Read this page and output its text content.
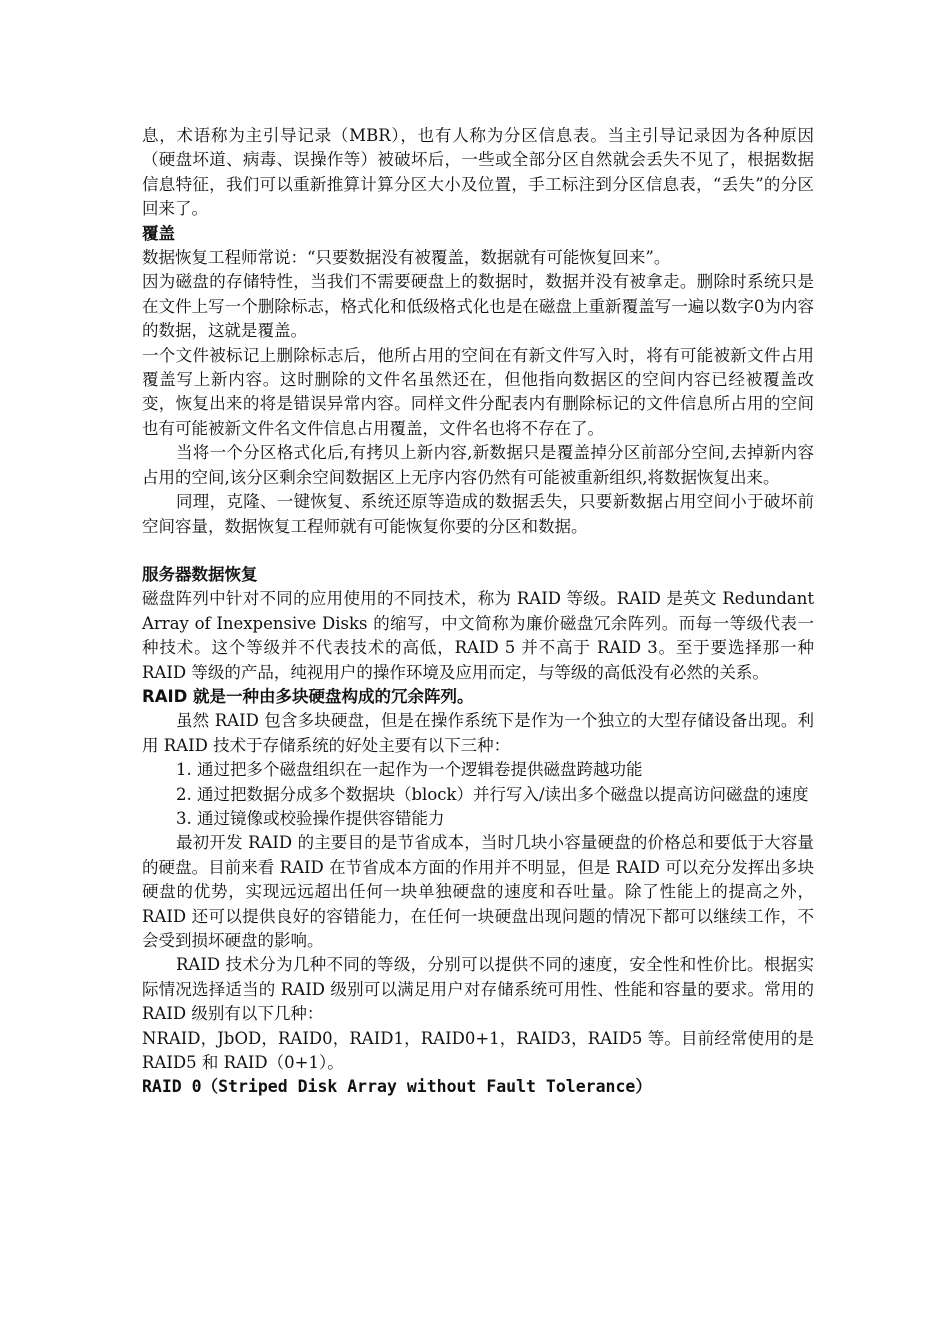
息，术语称为主引导记录（MBR），也有人称为分区信息表。当主引导记录因为各种原因（硬盘坏道、病毒、误操作等）被破坏后，一些或全部分区自然就会丢失不见了，根据数据信息特征，我们可以重新推算计算分区大小及位置，手工标注到分区信息表，“丢失”的分区回来了。

覆盖

数据恢复工程师常说：“只要数据没有被覆盖，数据就有可能恢复回来”。

因为磁盘的存储特性，当我们不需要硬盘上的数据时，数据并没有被拿走。删除时系统只是在文件上写一个删除标志，格式化和低级格式化也是在磁盘上重新覆盖写一遍以数字0为内容的数据，这就是覆盖。

一个文件被标记上删除标志后，他所占用的空间在有新文件写入时，将有可能被新文件占用覆盖写上新内容。这时删除的文件名虽然还在，但他指向数据区的空间内容已经被覆盖改变，恢复出来的将是错误异常内容。同样文件分配表内有删除标记的文件信息所占用的空间也有可能被新文件名文件信息占用覆盖，文件名也将不存在了。

当将一个分区格式化后,有拷贝上新内容,新数据只是覆盖掉分区前部分空间,去掉新内容占用的空间,该分区剩余空间数据区上无序内容仍然有可能被重新组织,将数据恢复出来。

同理，克隆、一键恢复、系统还原等造成的数据丢失，只要新数据占用空间小于破坏前空间容量，数据恢复工程师就有可能恢复你要的分区和数据。

服务器数据恢复

磁盘阵列中针对不同的应用使用的不同技术，称为 RAID 等级。RAID 是英文 Redundant Array of Inexpensive Disks 的缩写，中文简称为廉价磁盘冗余阵列。而每一等级代表一种技术。这个等级并不代表技术的高低，RAID 5 并不高于 RAID 3。至于要选择那一种 RAID 等级的产品，纯视用户的操作环境及应用而定，与等级的高低没有必然的关系。

RAID 就是一种由多块硬盘构成的冗余阵列。

虽然 RAID 包含多块硬盘，但是在操作系统下是作为一个独立的大型存储设备出现。利用 RAID 技术于存储系统的好处主要有以下三种：

1. 通过把多个磁盘组织在一起作为一个逻辑卷提供磁盘跨越功能

2. 通过把数据分成多个数据块（block）并行写入/读出多个磁盘以提高访问磁盘的速度

3. 通过镜像或校验操作提供容错能力

最初开发 RAID 的主要目的是节省成本，当时几块小容量硬盘的价格总和要低于大容量的硬盘。目前来看 RAID 在节省成本方面的作用并不明显，但是 RAID 可以充分发挥出多块硬盘的优势，实现远远超出任何一块单独硬盘的速度和吞吐量。除了性能上的提高之外，RAID 还可以提供良好的容错能力，在任何一块硬盘出现问题的情况下都可以继续工作，不会受到损坏硬盘的影响。

RAID 技术分为几种不同的等级，分别可以提供不同的速度，安全性和性价比。根据实际情况选择适当的 RAID 级别可以满足用户对存储系统可用性、性能和容量的要求。常用的 RAID 级别有以下几种：

NRAID，JbOD，RAID0，RAID1，RAID0+1，RAID3，RAID5 等。目前经常使用的是 RAID5 和 RAID（0+1）。

RAID 0（Striped Disk Array without Fault Tolerance）
